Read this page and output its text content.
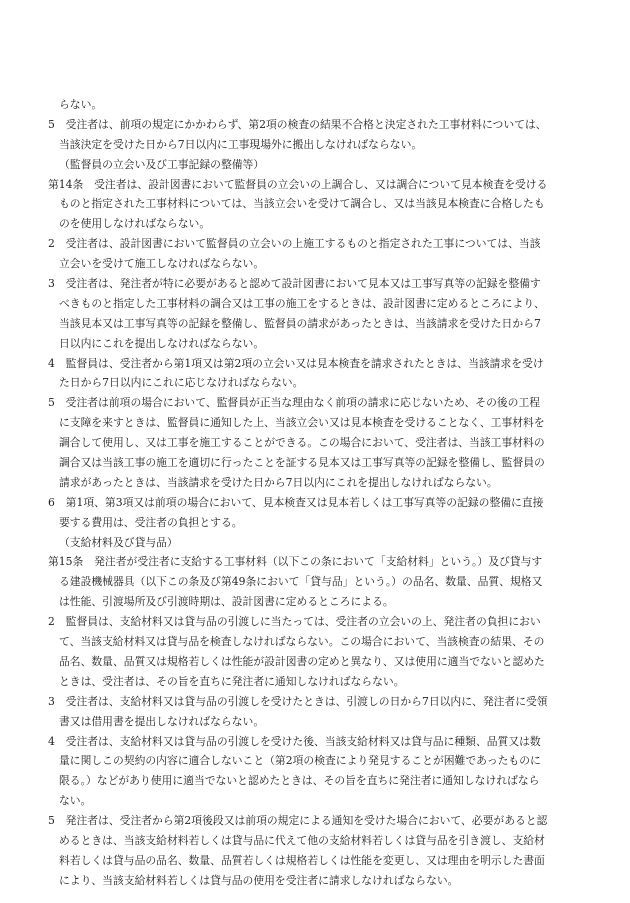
らない。
5　受注者は、前項の規定にかかわらず、第2項の検査の結果不合格と決定された工事材料については、
当該決定を受けた日から7日以内に工事現場外に搬出しなければならない。
（監督員の立会い及び工事記録の整備等）
第14条　受注者は、設計図書において監督員の立会いの上調合し、又は調合について見本検査を受ける
ものと指定された工事材料については、当該立会いを受けて調合し、又は当該見本検査に合格したも
のを使用しなければならない。
2　受注者は、設計図書において監督員の立会いの上施工するものと指定された工事については、当該
立会いを受けて施工しなければならない。
3　受注者は、発注者が特に必要があると認めて設計図書において見本又は工事写真等の記録を整備す
べきものと指定した工事材料の調合又は工事の施工をするときは、設計図書に定めるところにより、
当該見本又は工事写真等の記録を整備し、監督員の請求があったときは、当該請求を受けた日から7
日以内にこれを提出しなければならない。
4　監督員は、受注者から第1項又は第2項の立会い又は見本検査を請求されたときは、当該請求を受け
た日から7日以内にこれに応じなければならない。
5　受注者は前項の場合において、監督員が正当な理由なく前項の請求に応じないため、その後の工程
に支障を来すときは、監督員に通知した上、当該立会い又は見本検査を受けることなく、工事材料を
調合して使用し、又は工事を施工することができる。この場合において、受注者は、当該工事材料の
調合又は当該工事の施工を適切に行ったことを証する見本又は工事写真等の記録を整備し、監督員の
請求があったときは、当該請求を受けた日から7日以内にこれを提出しなければならない。
6　第1項、第3項又は前項の場合において、見本検査又は見本若しくは工事写真等の記録の整備に直接
要する費用は、受注者の負担とする。
（支給材料及び貸与品）
第15条　発注者が受注者に支給する工事材料（以下この条において「支給材料」という。）及び貸与す
る建設機械器具（以下この条及び第49条において「貸与品」という。）の品名、数量、品質、規格又
は性能、引渡場所及び引渡時期は、設計図書に定めるところによる。
2　監督員は、支給材料又は貸与品の引渡しに当たっては、受注者の立会いの上、発注者の負担におい
て、当該支給材料又は貸与品を検査しなければならない。この場合において、当該検査の結果、その
品名、数量、品質又は規格若しくは性能が設計図書の定めと異なり、又は使用に適当でないと認めた
ときは、受注者は、その旨を直ちに発注者に通知しなければならない。
3　受注者は、支給材料又は貸与品の引渡しを受けたときは、引渡しの日から7日以内に、発注者に受領
書又は借用書を提出しなければならない。
4　受注者は、支給材料又は貸与品の引渡しを受けた後、当該支給材料又は貸与品に種類、品質又は数
量に関しこの契約の内容に適合しないこと（第2項の検査により発見することが困難であったものに
限る。）などがあり使用に適当でないと認めたときは、その旨を直ちに発注者に通知しなければなら
ない。
5　発注者は、受注者から第2項後段又は前項の規定による通知を受けた場合において、必要があると認
めるときは、当該支給材料若しくは貸与品に代えて他の支給材料若しくは貸与品を引き渡し、支給材
料若しくは貸与品の品名、数量、品質若しくは規格若しくは性能を変更し、又は理由を明示した書面
により、当該支給材料若しくは貸与品の使用を受注者に請求しなければならない。
